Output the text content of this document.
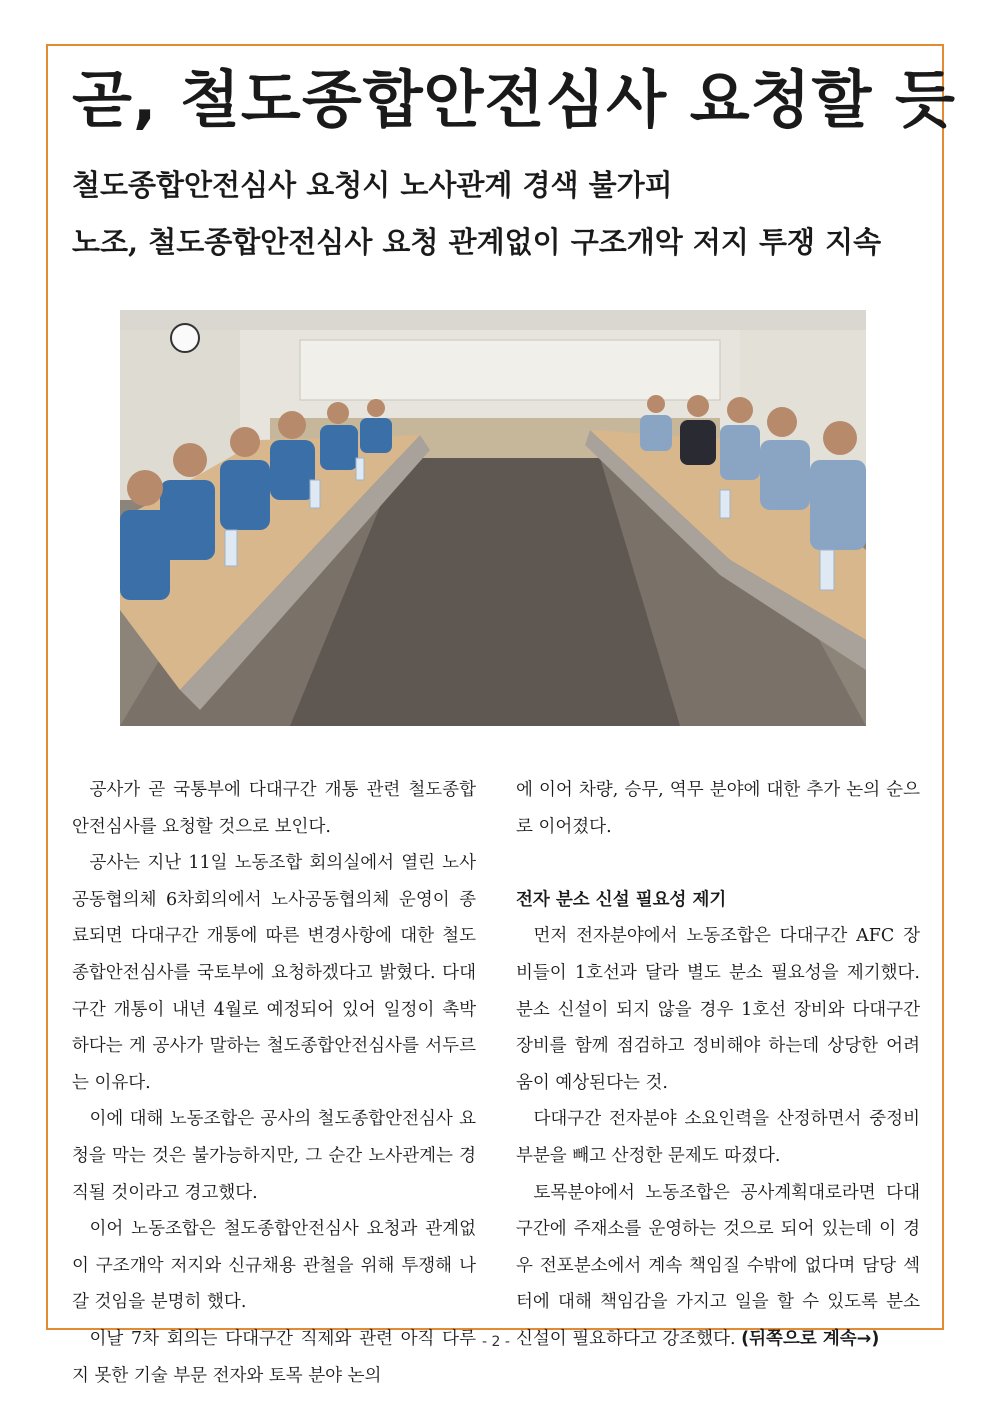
곧, 철도종합안전심사 요청할 듯
철도종합안전심사 요청시 노사관계 경색 불가피
노조, 철도종합안전심사 요청 관계없이 구조개악 저지 투쟁 지속

공사가 곧 국통부에 다대구간 개통 관련 철도종합안전심사를 요청할 것으로 보인다.

공사는 지난 11일 노동조합 회의실에서 열린 노사공동협의체 6차회의에서 노사공동협의체 운영이 종료되면 다대구간 개통에 따른 변경사항에 대한 철도종합안전심사를 국토부에 요청하겠다고 밝혔다. 다대구간 개통이 내년 4월로 예정되어 있어 일정이 촉박하다는 게 공사가 말하는 철도종합안전심사를 서두르는 이유다.

이에 대해 노동조합은 공사의 철도종합안전심사 요청을 막는 것은 불가능하지만, 그 순간 노사관계는 경직될 것이라고 경고했다.

이어 노동조합은 철도종합안전심사 요청과 관계없이 구조개악 저지와 신규채용 관철을 위해 투쟁해 나갈 것임을 분명히 했다.

이날 7차 회의는 다대구간 직제와 관련 아직 다루지 못한 기술 부문 전자와 토목 분야 논의

에 이어 차량, 승무, 역무 분야에 대한 추가 논의 순으로 이어졌다.

전자 분소 신설 필요성 제기

먼저 전자분야에서 노동조합은 다대구간 AFC 장비들이 1호선과 달라 별도 분소 필요성을 제기했다. 분소 신설이 되지 않을 경우 1호선 장비와 다대구간 장비를 함께 점검하고 정비해야 하는데 상당한 어려움이 예상된다는 것.

다대구간 전자분야 소요인력을 산정하면서 중정비 부분을 빼고 산정한 문제도 따졌다.

토목분야에서 노동조합은 공사계획대로라면 다대구간에 주재소를 운영하는 것으로 되어 있는데 이 경우 전포분소에서 계속 책임질 수밖에 없다며 담당 섹터에 대해 책임감을 가지고 일을 할 수 있도록 분소 신설이 필요하다고 강조했다. (뒤쪽으로 계속→)

- 2 -
